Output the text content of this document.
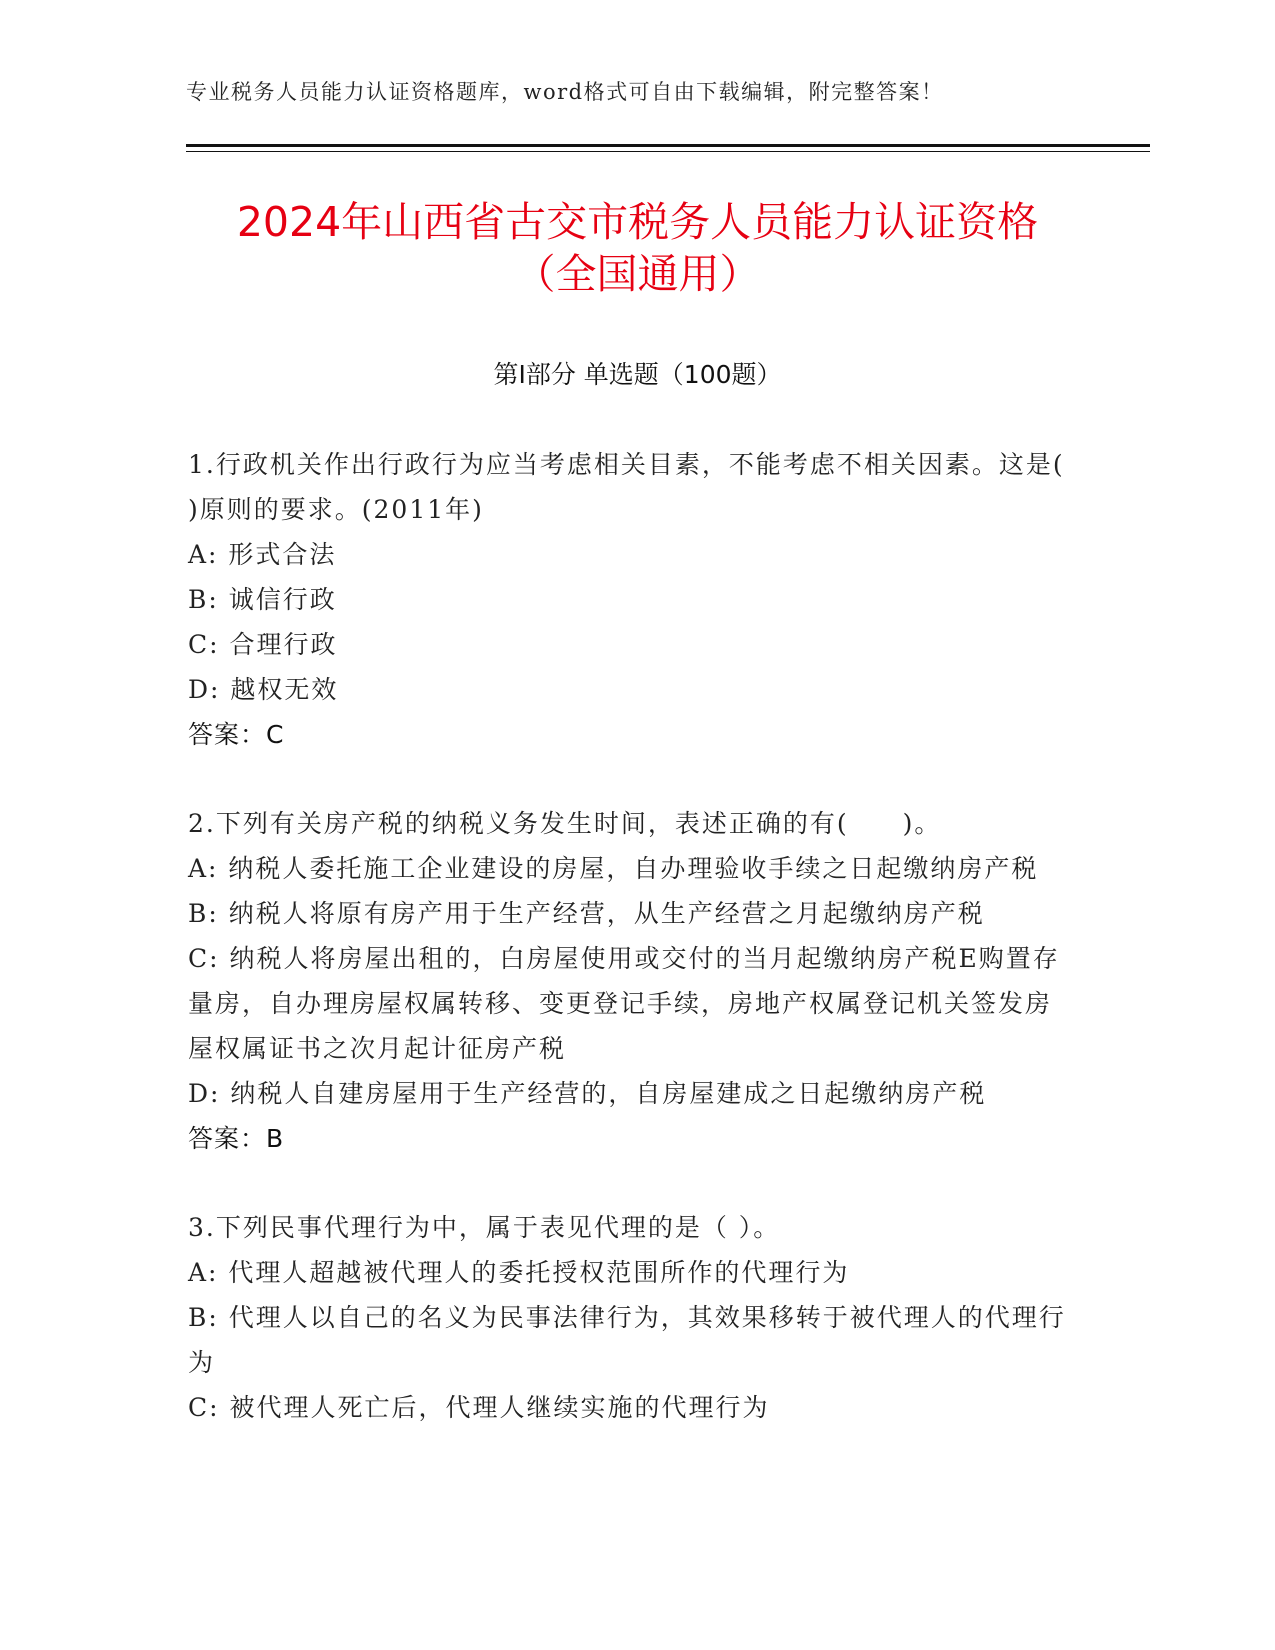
专业税务人员能力认证资格题库，word格式可自由下载编辑，附完整答案！
2024年山西省古交市税务人员能力认证资格
（全国通用）
第I部分 单选题（100题）

1.行政机关作出行政行为应当考虑相关目素，不能考虑不相关因素。这是( )原则的要求。(2011年)

A: 形式合法

B: 诚信行政

C: 合理行政

D: 越权无效

答案：C

2.下列有关房产税的纳税义务发生时间，表述正确的有(　　)。

A: 纳税人委托施工企业建设的房屋，自办理验收手续之日起缴纳房产税

B: 纳税人将原有房产用于生产经营，从生产经营之月起缴纳房产税

C: 纳税人将房屋出租的，白房屋使用或交付的当月起缴纳房产税E购置存量房，自办理房屋权属转移、变更登记手续，房地产权属登记机关签发房屋权属证书之次月起计征房产税

D: 纳税人自建房屋用于生产经营的，自房屋建成之日起缴纳房产税

答案：B

3.下列民事代理行为中，属于表见代理的是（ ）。

A: 代理人超越被代理人的委托授权范围所作的代理行为

B: 代理人以自己的名义为民事法律行为，其效果移转于被代理人的代理行为

C: 被代理人死亡后，代理人继续实施的代理行为
